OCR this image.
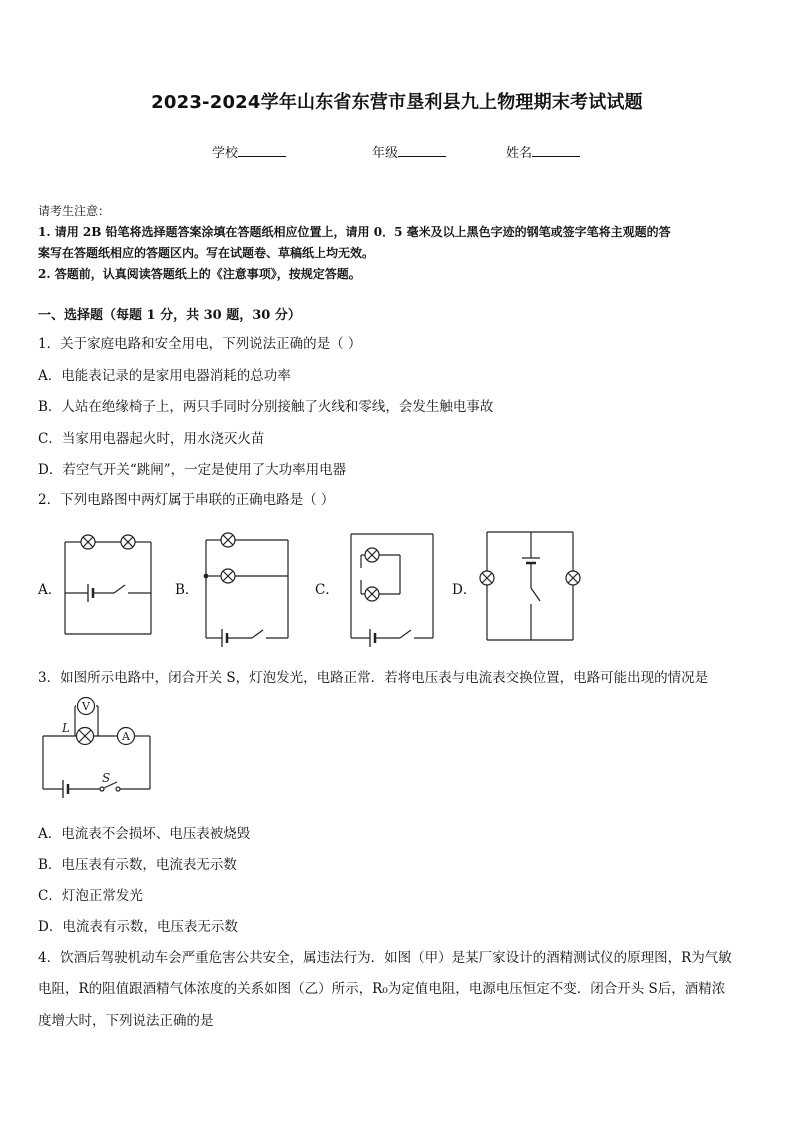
2023-2024学年山东省东营市垦利县九上物理期末考试试题
学校	年级	姓名
请考生注意：
1. 请用 2B 铅笔将选择题答案涂填在答题纸相应位置上，请用 0．5 毫米及以上黑色字迹的钢笔或签字笔将主观题的答
案写在答题纸相应的答题区内。写在试题卷、草稿纸上均无效。
2. 答题前，认真阅读答题纸上的《注意事项》，按规定答题。
一、选择题（每题 1 分，共 30 题，30 分）
1．关于家庭电路和安全用电，下列说法正确的是（ ）
A．电能表记录的是家用电器消耗的总功率
B．人站在绝缘椅子上，两只手同时分别接触了火线和零线，会发生触电事故
C．当家用电器起火时，用水浇灭火苗
D．若空气开关“跳闸”，一定是使用了大功率用电器
2．下列电路图中两灯属于串联的正确电路是（ ）
A．	B．	C．	D．
3．如图所示电路中，闭合开关 S，灯泡发光，电路正常．若将电压表与电流表交换位置，电路可能出现的情况是
V
A
L
S
A．电流表不会损坏、电压表被烧毁
B．电压表有示数，电流表无示数
C．灯泡正常发光
D．电流表有示数，电压表无示数
4．饮酒后驾驶机动车会严重危害公共安全，属违法行为．如图（甲）是某厂家设计的酒精测试仪的原理图，R为气敏
电阻，R的阻值跟酒精气体浓度的关系如图（乙）所示，R₀为定值电阻，电源电压恒定不变．闭合开头 S后，酒精浓
度增大时，下列说法正确的是
